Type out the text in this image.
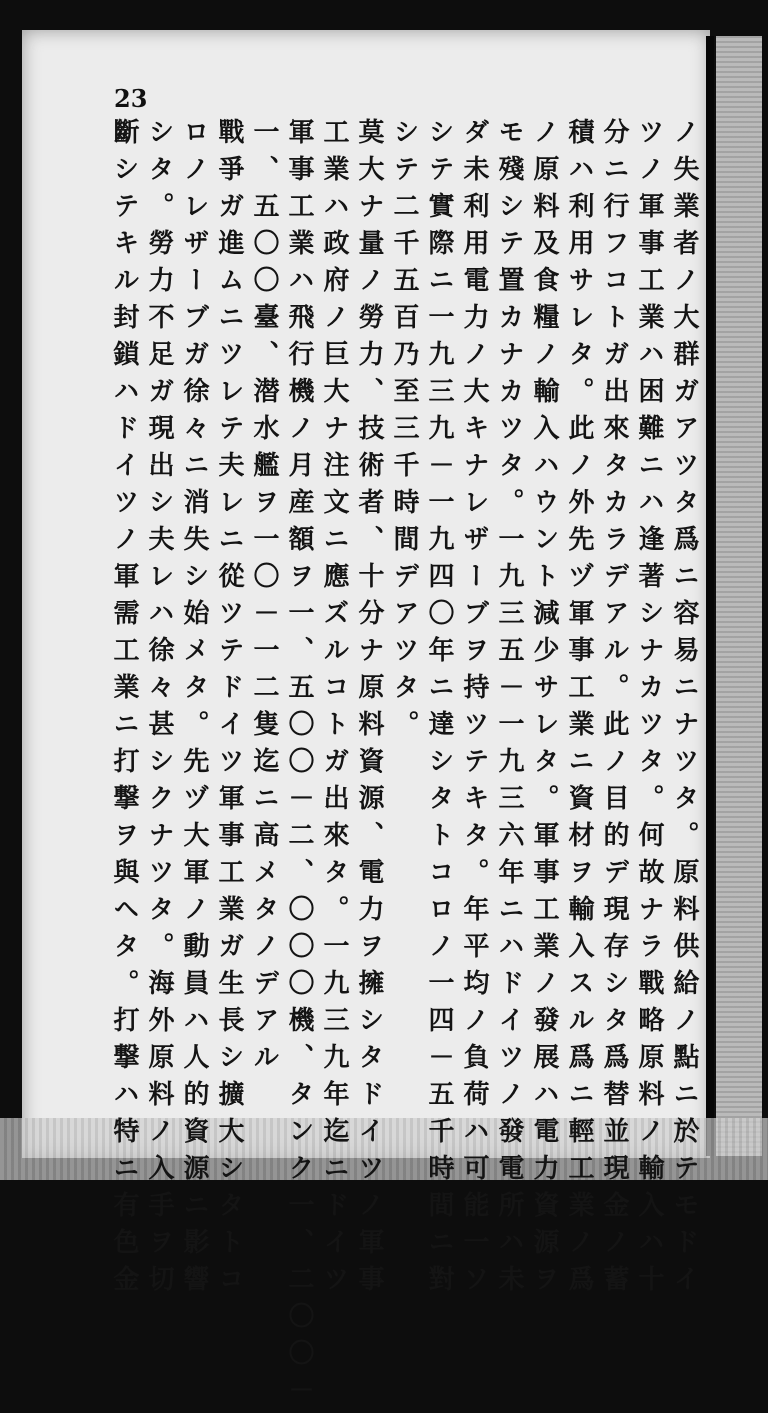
23
ノ失業者ノ大群ガアツタ爲ニ容易ニナツタ。原料供給ノ點ニ於テモドイ
ツノ軍事工業ハ困難ニハ逢著シナカツタ。何故ナラ戰略原料ノ輸入ハ十
分ニ行フコトガ出來タカラデアル。此ノ目的デ現存シタ爲替並現金ノ蓄
積ハ利用サレタ。此ノ外先ヅ軍事工業ニ資材ヲ輸入スル爲ニ輕工業ノ爲
ノ原料及食糧ノ輸入ハウント減少サレタ。軍事工業ノ發展ハ電力資源ヲ
モ殘シテ置カナカツタ。一九三五－一九三六年ニハドイツノ發電所ハ未
ダ未利用電力ノ大キナレザーブヲ持ツテキタ。年平均ノ負荷ハ可能一ソ
シテ實際ニ一九三九－一九四〇年ニ達シタトコロノ一四－五千時間ニ對
シテ二千五百乃至三千時間デアツタ。
莫大ナ量ノ勞力、技術者、十分ナ原料資源、電力ヲ擁シタドイツノ軍事
工業ハ政府ノ巨大ナ注文ニ應ズルコトガ出來タ。一九三九年迄ニドイツ
軍事工業ハ飛行機ノ月産額ヲ一、五〇〇－二、〇〇〇機、タンク一、二〇〇－
一、五〇〇臺、潜水艦ヲ一〇－一二隻迄ニ高メタノデアル
戰爭ガ進ムニツレテ夫レニ從ツテドイツ軍事工業ガ生長シ擴大シタトコ
ロノレザーブガ徐々ニ消失シ始メタ。先ヅ大軍ノ動員ハ人的資源ニ影響
シタ。勞力不足ガ現出シ夫レハ徐々甚シクナツタ。海外原料ノ入手ヲ切
斷シテキル封鎖ハドイツノ軍需工業ニ打撃ヲ與ヘタ。打撃ハ特ニ有色金
